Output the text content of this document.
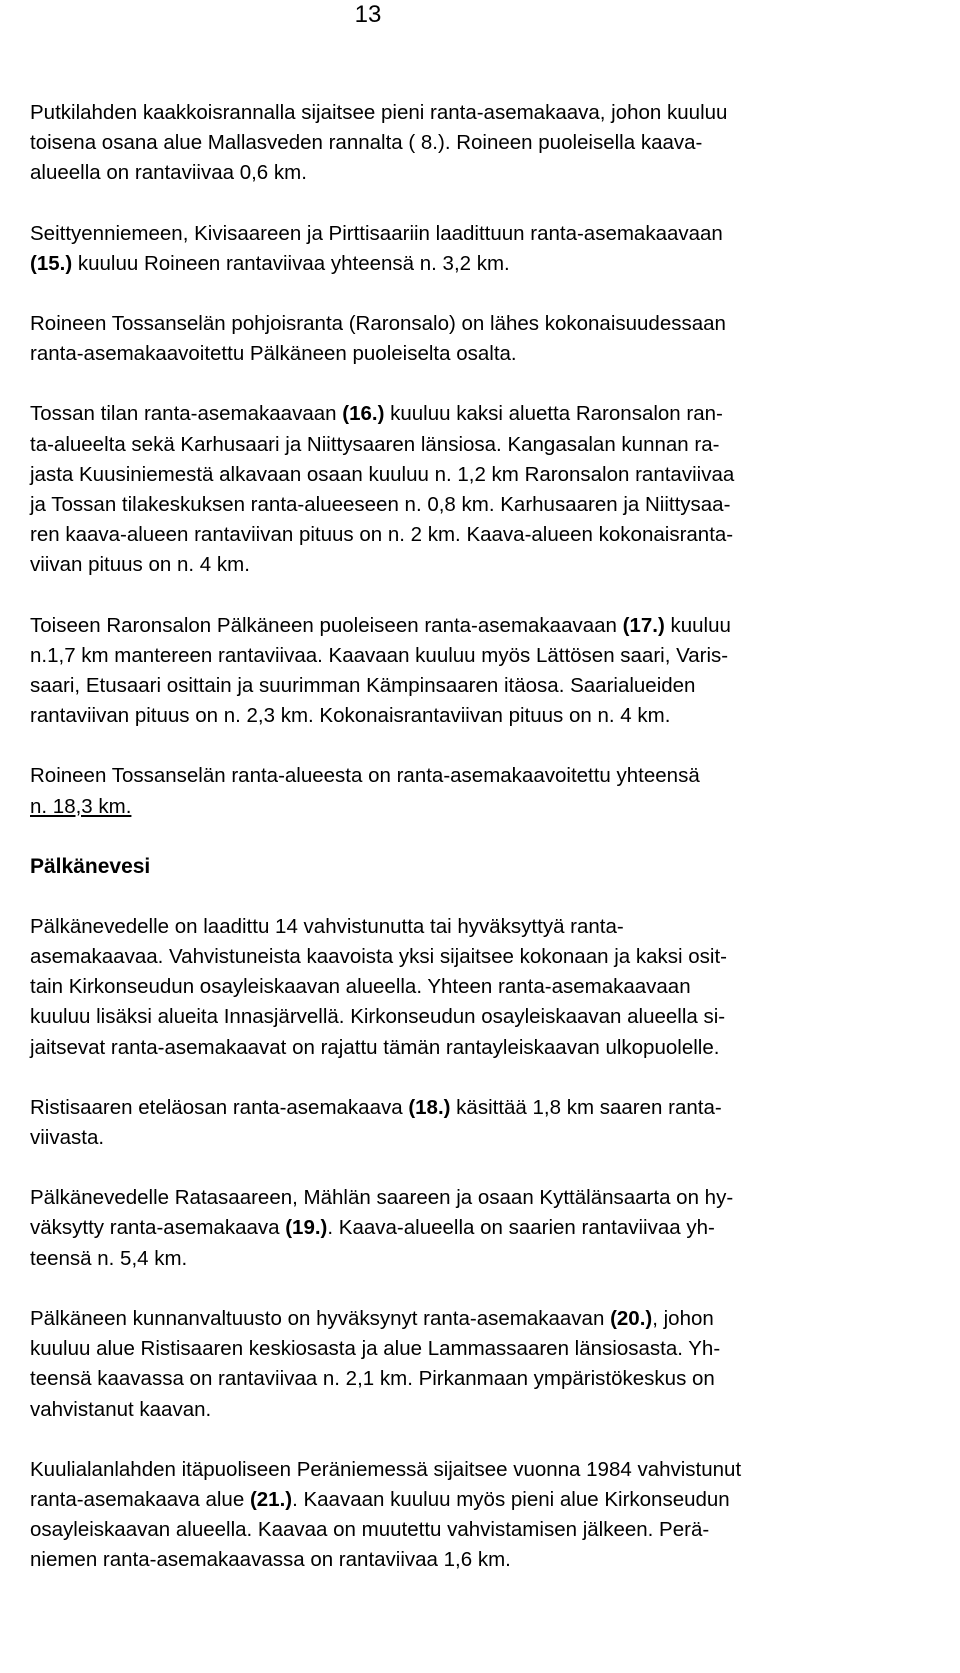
13

Putkilahden kaakkoisrannalla sijaitsee pieni ranta-asemakaava, johon kuuluu
toisena osana alue Mallasveden rannalta ( 8.). Roineen puoleisella kaava-
alueella on rantaviivaa 0,6 km.

Seittyenniemeen, Kivisaareen ja Pirttisaariin laadittuun ranta-asemakaavaan
(15.) kuuluu Roineen rantaviivaa yhteensä n. 3,2 km.

Roineen Tossanselän pohjoisranta (Raronsalo) on lähes kokonaisuudessaan
ranta-asemakaavoitettu Pälkäneen puoleiselta osalta.

Tossan tilan ranta-asemakaavaan (16.) kuuluu kaksi aluetta Raronsalon ran-
ta-alueelta sekä Karhusaari ja Niittysaaren länsiosa. Kangasalan kunnan ra-
jasta Kuusiniemestä alkavaan osaan kuuluu n. 1,2 km Raronsalon rantaviivaa
ja Tossan tilakeskuksen ranta-alueeseen n. 0,8 km. Karhusaaren ja Niittysaa-
ren kaava-alueen rantaviivan pituus on n. 2 km. Kaava-alueen kokonaisranta-
viivan pituus on n. 4 km.

Toiseen Raronsalon Pälkäneen puoleiseen ranta-asemakaavaan (17.) kuuluu
n.1,7 km mantereen rantaviivaa. Kaavaan kuuluu myös Lättösen saari, Varis-
saari, Etusaari osittain ja suurimman Kämpinsaaren itäosa. Saarialueiden
rantaviivan pituus on n. 2,3 km. Kokonaisrantaviivan pituus on n. 4 km.

Roineen Tossanselän ranta-alueesta on ranta-asemakaavoitettu yhteensä
n. 18,3 km.

Pälkänevesi

Pälkänevedelle on laadittu 14 vahvistunutta tai hyväksyttyä ranta-
asemakaavaa. Vahvistuneista kaavoista yksi sijaitsee kokonaan ja kaksi osit-
tain Kirkonseudun osayleiskaavan alueella. Yhteen ranta-asemakaavaan
kuuluu lisäksi alueita Innasjärvellä. Kirkonseudun osayleiskaavan alueella si-
jaitsevat ranta-asemakaavat on rajattu tämän rantayleiskaavan ulkopuolelle.

Ristisaaren eteläosan ranta-asemakaava (18.) käsittää 1,8 km saaren ranta-
viivasta.

Pälkänevedelle Ratasaareen, Mählän saareen ja osaan Kyttälänsaarta on hy-
väksytty ranta-asemakaava (19.). Kaava-alueella on saarien rantaviivaa yh-
teensä n. 5,4 km.

Pälkäneen kunnanvaltuusto on hyväksynyt ranta-asemakaavan (20.), johon
kuuluu alue Ristisaaren keskiosasta ja alue Lammassaaren länsiosasta. Yh-
teensä kaavassa on rantaviivaa n. 2,1 km. Pirkanmaan ympäristökeskus on
vahvistanut kaavan.

Kuulialanlahden itäpuoliseen Peräniemessä sijaitsee vuonna 1984 vahvistunut
ranta-asemakaava alue (21.). Kaavaan kuuluu myös pieni alue Kirkonseudun
osayleiskaavan alueella. Kaavaa on muutettu vahvistamisen jälkeen. Perä-
niemen ranta-asemakaavassa on rantaviivaa 1,6 km.
